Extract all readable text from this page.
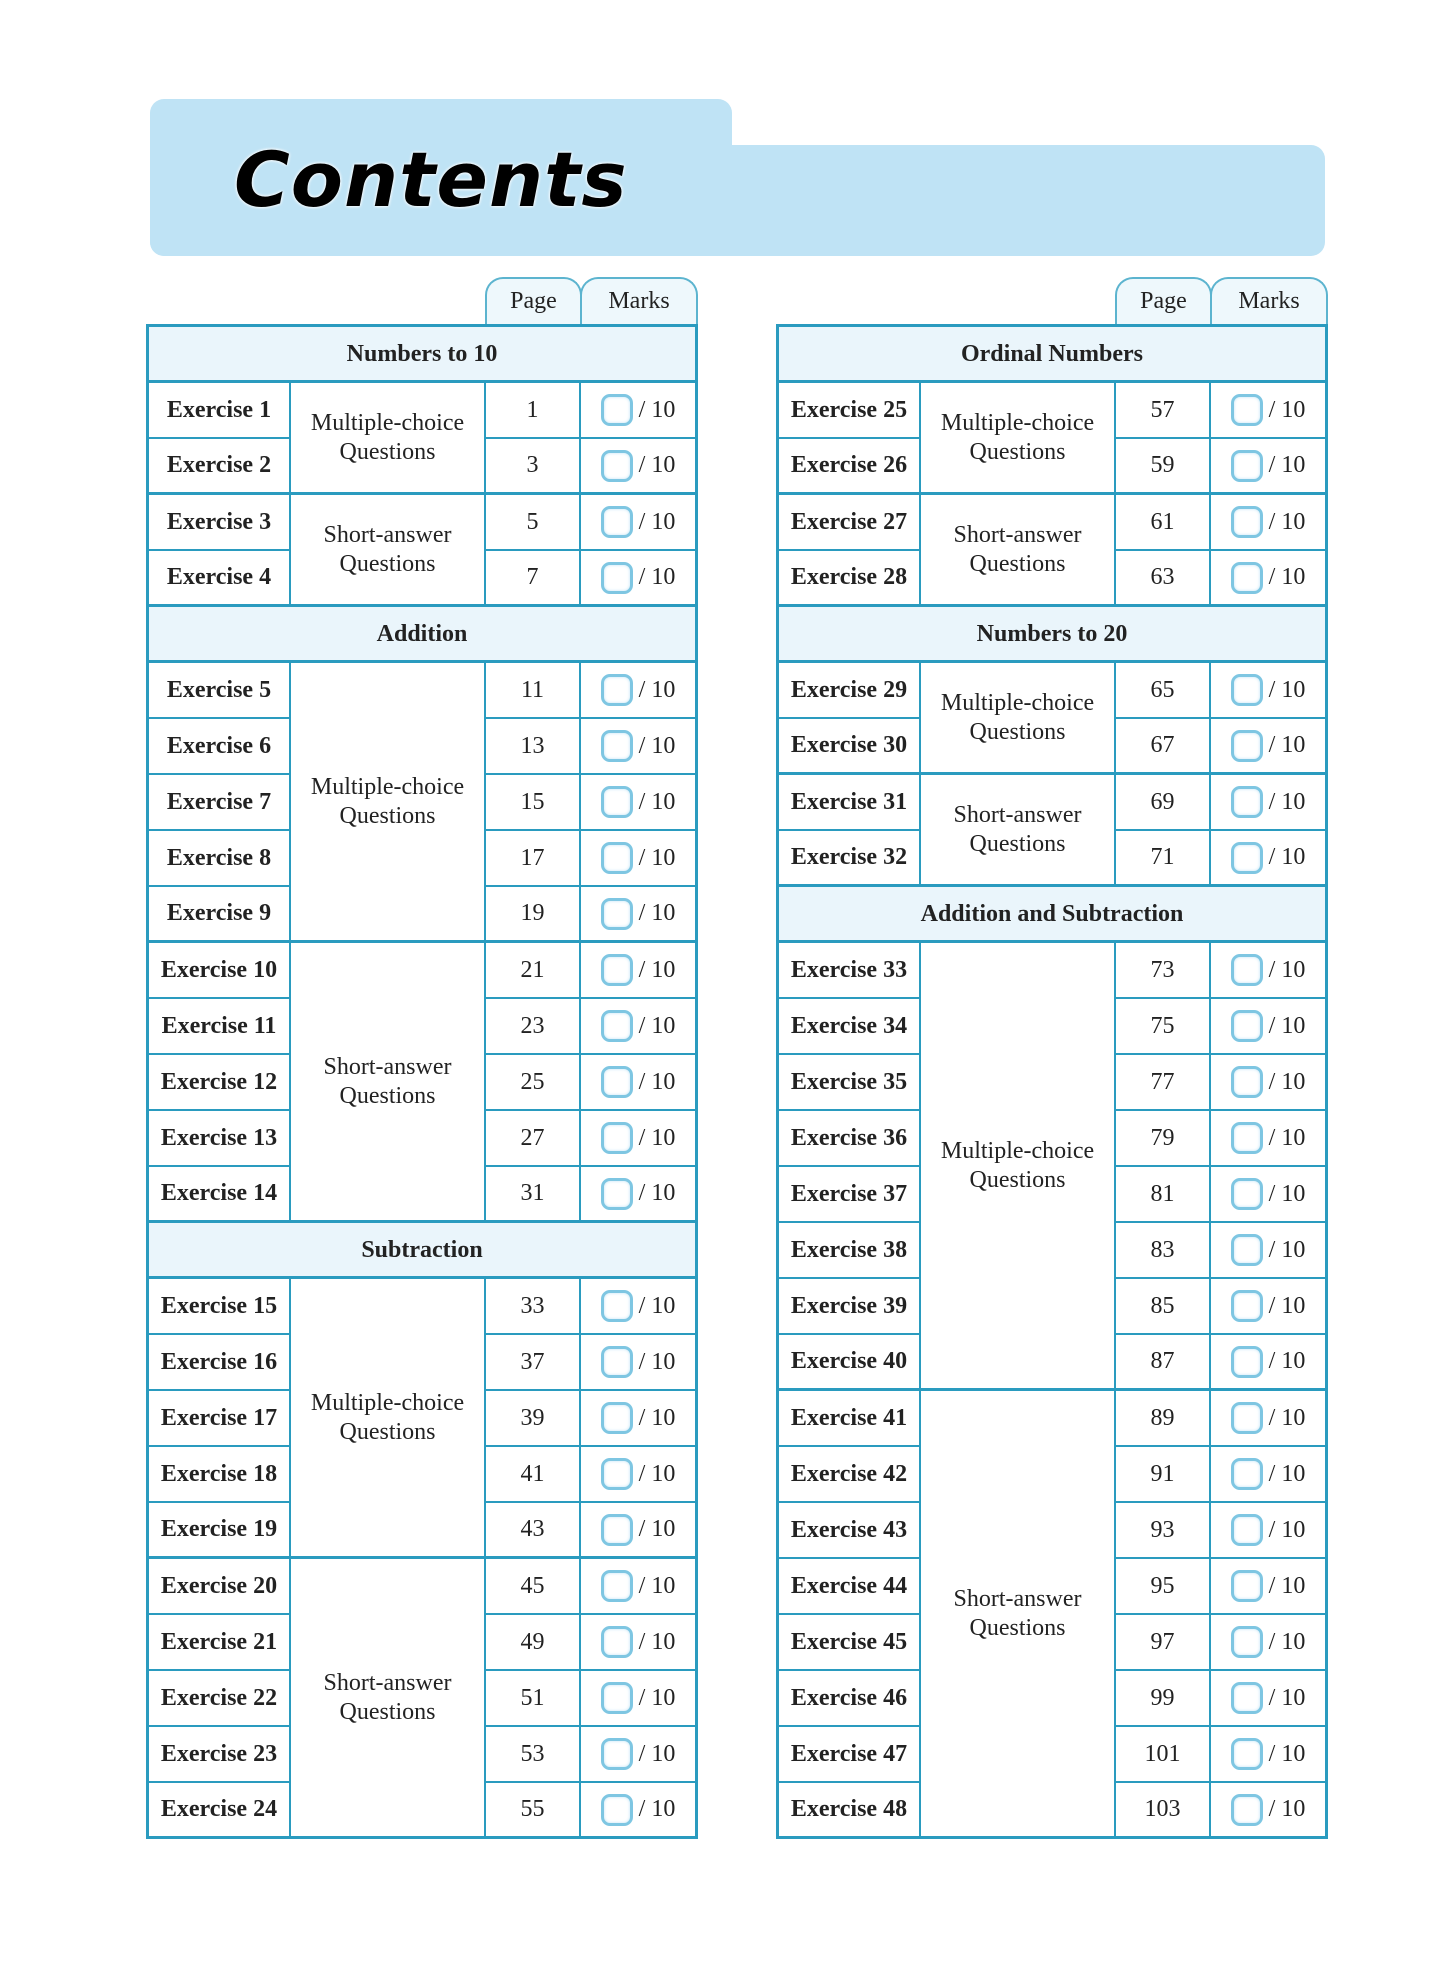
Contents
Page	Marks
Numbers to 10
Exercise 1
Exercise 2
Multiple-choice
Questions
1
3
/ 10
/ 10
Exercise 3
Exercise 4
Short-answer
Questions
5
7
/ 10
/ 10
Addition
Exercise 5
Exercise 6
Exercise 7
Exercise 8
Exercise 9
Multiple-choice
Questions
11
13
15
17
19
/ 10
/ 10
/ 10
/ 10
/ 10
Exercise 10
Exercise 11
Exercise 12
Exercise 13
Exercise 14
Short-answer
Questions
21
23
25
27
31
/ 10
/ 10
/ 10
/ 10
/ 10
Subtraction
Exercise 15
Exercise 16
Exercise 17
Exercise 18
Exercise 19
Multiple-choice
Questions
33
37
39
41
43
/ 10
/ 10
/ 10
/ 10
/ 10
Exercise 20
Exercise 21
Exercise 22
Exercise 23
Exercise 24
Short-answer
Questions
45
49
51
53
55
/ 10
/ 10
/ 10
/ 10
/ 10
Page	Marks
Ordinal Numbers
Exercise 25
Exercise 26
Multiple-choice
Questions
57
59
/ 10
/ 10
Exercise 27
Exercise 28
Short-answer
Questions
61
63
/ 10
/ 10
Numbers to 20
Exercise 29
Exercise 30
Multiple-choice
Questions
65
67
/ 10
/ 10
Exercise 31
Exercise 32
Short-answer
Questions
69
71
/ 10
/ 10
Addition and Subtraction
Exercise 33
Exercise 34
Exercise 35
Exercise 36
Exercise 37
Exercise 38
Exercise 39
Exercise 40
Multiple-choice
Questions
73
75
77
79
81
83
85
87
/ 10
/ 10
/ 10
/ 10
/ 10
/ 10
/ 10
/ 10
Exercise 41
Exercise 42
Exercise 43
Exercise 44
Exercise 45
Exercise 46
Exercise 47
Exercise 48
Short-answer
Questions
89
91
93
95
97
99
101
103
/ 10
/ 10
/ 10
/ 10
/ 10
/ 10
/ 10
/ 10
